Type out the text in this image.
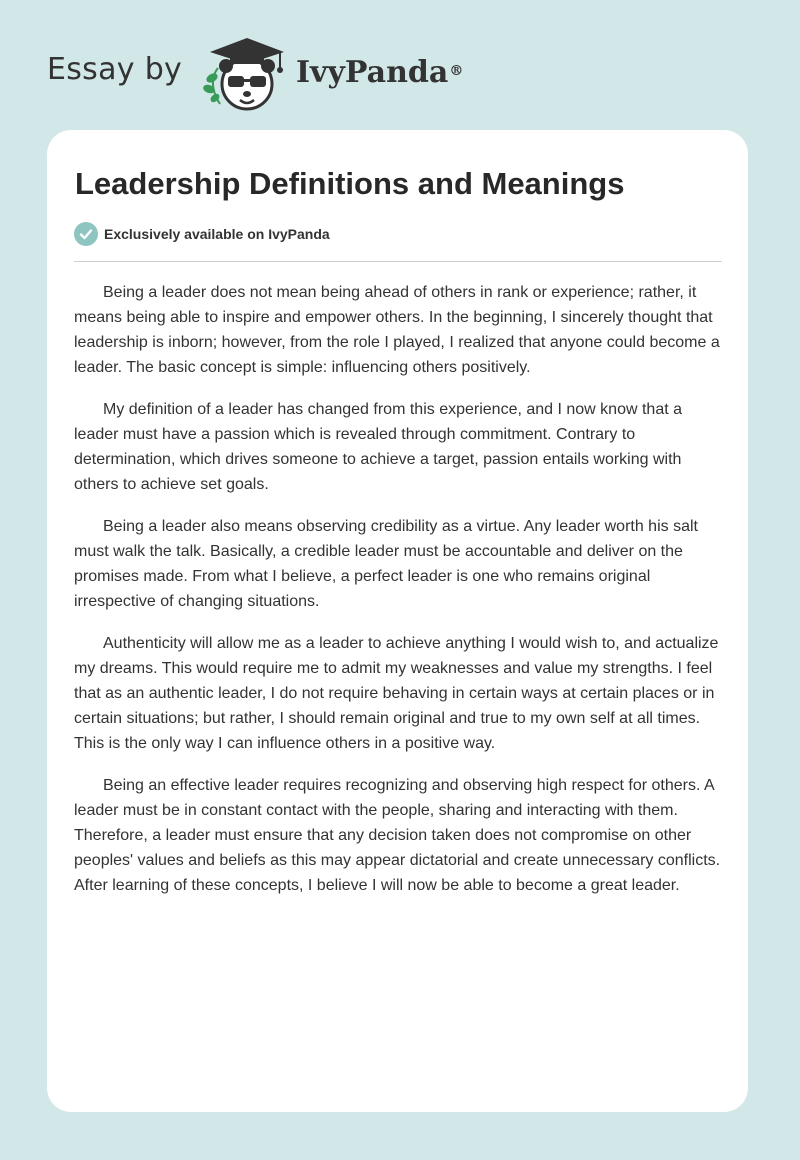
Essay by	IvyPanda®
Leadership Definitions and Meanings
Exclusively available on IvyPanda

Being a leader does not mean being ahead of others in rank or experience; rather, it means being able to inspire and empower others. In the beginning, I sincerely thought that leadership is inborn; however, from the role I played, I realized that anyone could become a leader. The basic concept is simple: influencing others positively.

My definition of a leader has changed from this experience, and I now know that a leader must have a passion which is revealed through commitment. Contrary to determination, which drives someone to achieve a target, passion entails working with others to achieve set goals.

Being a leader also means observing credibility as a virtue. Any leader worth his salt must walk the talk. Basically, a credible leader must be accountable and deliver on the promises made. From what I believe, a perfect leader is one who remains original irrespective of changing situations.

Authenticity will allow me as a leader to achieve anything I would wish to, and actualize my dreams. This would require me to admit my weaknesses and value my strengths. I feel that as an authentic leader, I do not require behaving in certain ways at certain places or in certain situations; but rather, I should remain original and true to my own self at all times. This is the only way I can influence others in a positive way.

Being an effective leader requires recognizing and observing high respect for others. A leader must be in constant contact with the people, sharing and interacting with them. Therefore, a leader must ensure that any decision taken does not compromise on other peoples' values and beliefs as this may appear dictatorial and create unnecessary conflicts. After learning of these concepts, I believe I will now be able to become a great leader.
